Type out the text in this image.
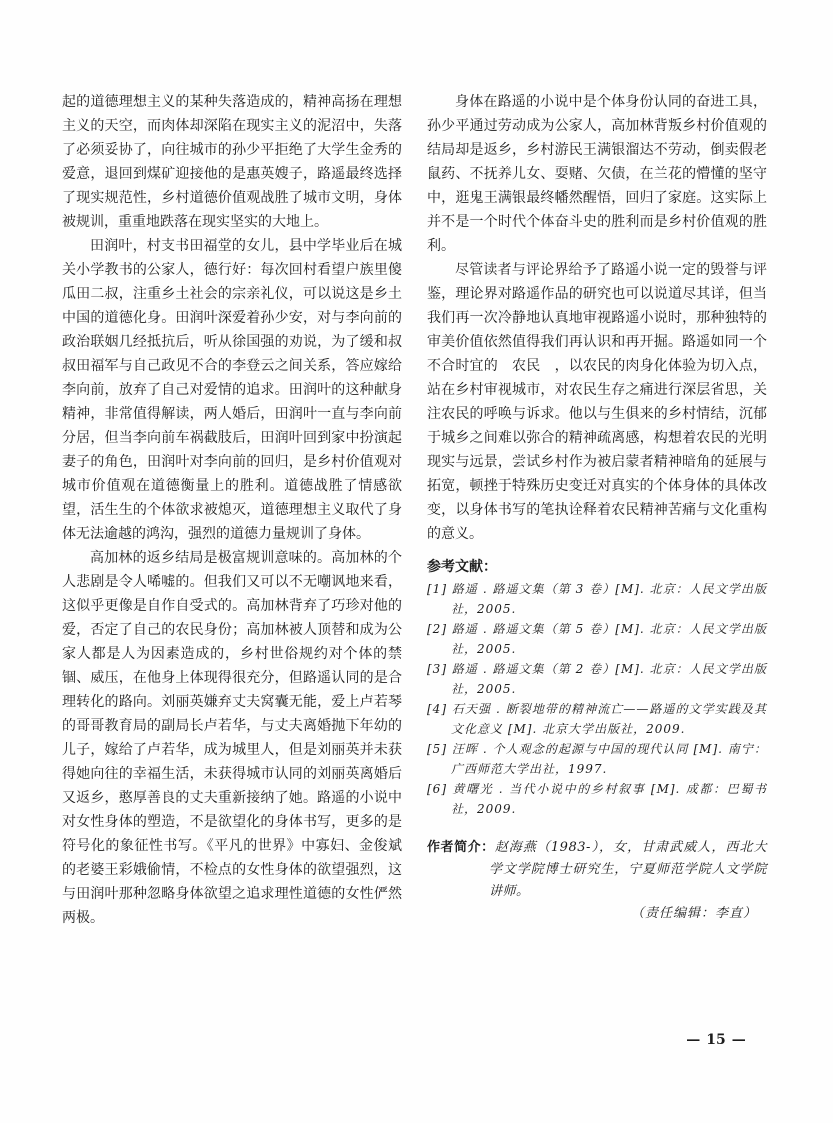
起的道德理想主义的某种失落造成的，精神高扬在理想主义的天空，而肉体却深陷在现实主义的泥沼中，失落了必须妥协了，向往城市的孙少平拒绝了大学生金秀的爱意，退回到煤矿迎接他的是惠英嫂子，路遥最终选择了现实规范性，乡村道德价值观战胜了城市文明，身体被规训，重重地跌落在现实坚实的大地上。

田润叶，村支书田福堂的女儿，县中学毕业后在城关小学教书的公家人，德行好：每次回村看望户族里傻瓜田二叔，注重乡土社会的宗亲礼仪，可以说这是乡土中国的道德化身。田润叶深爱着孙少安，对与李向前的政治联姻几经抵抗后，听从徐国强的劝说，为了缓和叔叔田福军与自己政见不合的李登云之间关系，答应嫁给李向前，放弃了自己对爱情的追求。田润叶的这种献身精神，非常值得解读，两人婚后，田润叶一直与李向前分居，但当李向前车祸截肢后，田润叶回到家中扮演起妻子的角色，田润叶对李向前的回归，是乡村价值观对城市价值观在道德衡量上的胜利。道德战胜了情感欲望，活生生的个体欲求被熄灭，道德理想主义取代了身体无法逾越的鸿沟，强烈的道德力量规训了身体。

高加林的返乡结局是极富规训意味的。高加林的个人悲剧是令人唏嘘的。但我们又可以不无嘲讽地来看，这似乎更像是自作自受式的。高加林背弃了巧珍对他的爱，否定了自己的农民身份；高加林被人顶替和成为公家人都是人为因素造成的，乡村世俗规约对个体的禁锢、威压，在他身上体现得很充分，但路遥认同的是合理转化的路向。刘丽英嫌弃丈夫窝囊无能，爱上卢若琴的哥哥教育局的副局长卢若华，与丈夫离婚抛下年幼的儿子，嫁给了卢若华，成为城里人，但是刘丽英并未获得她向往的幸福生活，未获得城市认同的刘丽英离婚后又返乡，憨厚善良的丈夫重新接纳了她。路遥的小说中对女性身体的塑造，不是欲望化的身体书写，更多的是符号化的象征性书写。《平凡的世界》中寡妇、金俊斌的老婆王彩娥偷情，不检点的女性身体的欲望强烈，这与田润叶那种忽略身体欲望之追求理性道德的女性俨然两极。

身体在路遥的小说中是个体身份认同的奋进工具，孙少平通过劳动成为公家人，高加林背叛乡村价值观的结局却是返乡，乡村游民王满银溜达不劳动，倒卖假老鼠药、不抚养儿女、耍赌、欠债，在兰花的懵懂的坚守中，逛鬼王满银最终幡然醒悟，回归了家庭。这实际上并不是一个时代个体奋斗史的胜利而是乡村价值观的胜利。

尽管读者与评论界给予了路遥小说一定的毁誉与评鉴，理论界对路遥作品的研究也可以说道尽其详，但当我们再一次冷静地认真地审视路遥小说时，那种独特的审美价值依然值得我们再认识和再开掘。路遥如同一个不合时宜的　农民　，以农民的肉身化体验为切入点，站在乡村审视城市，对农民生存之痛进行深层省思，关注农民的呼唤与诉求。他以与生俱来的乡村情结，沉郁于城乡之间难以弥合的精神疏离感，构想着农民的光明现实与远景，尝试乡村作为被启蒙者精神暗角的延展与拓宽，顿挫于特殊历史变迁对真实的个体身体的具体改变，以身体书写的笔执诠释着农民精神苦痛与文化重构的意义。

参考文献：
[1] 路遥 . 路遥文集（第 3 卷）[M]. 北京：人民文学出版社，2005.
[2] 路遥 . 路遥文集（第 5 卷）[M]. 北京：人民文学出版社，2005.
[3] 路遥 . 路遥文集（第 2 卷）[M]. 北京：人民文学出版社，2005.
[4] 石天强 . 断裂地带的精神流亡——路遥的文学实践及其文化意义 [M]. 北京大学出版社，2009.
[5] 汪晖 . 个人观念的起源与中国的现代认同 [M]. 南宁：广西师范大学出社，1997.
[6] 黄曙光 . 当代小说中的乡村叙事 [M]. 成都：巴蜀书社，2009.
作者简介：赵海燕（1983-），女，甘肃武威人，西北大学文学院博士研究生，宁夏师范学院人文学院讲师。
（责任编辑：李直）
— 15 —
